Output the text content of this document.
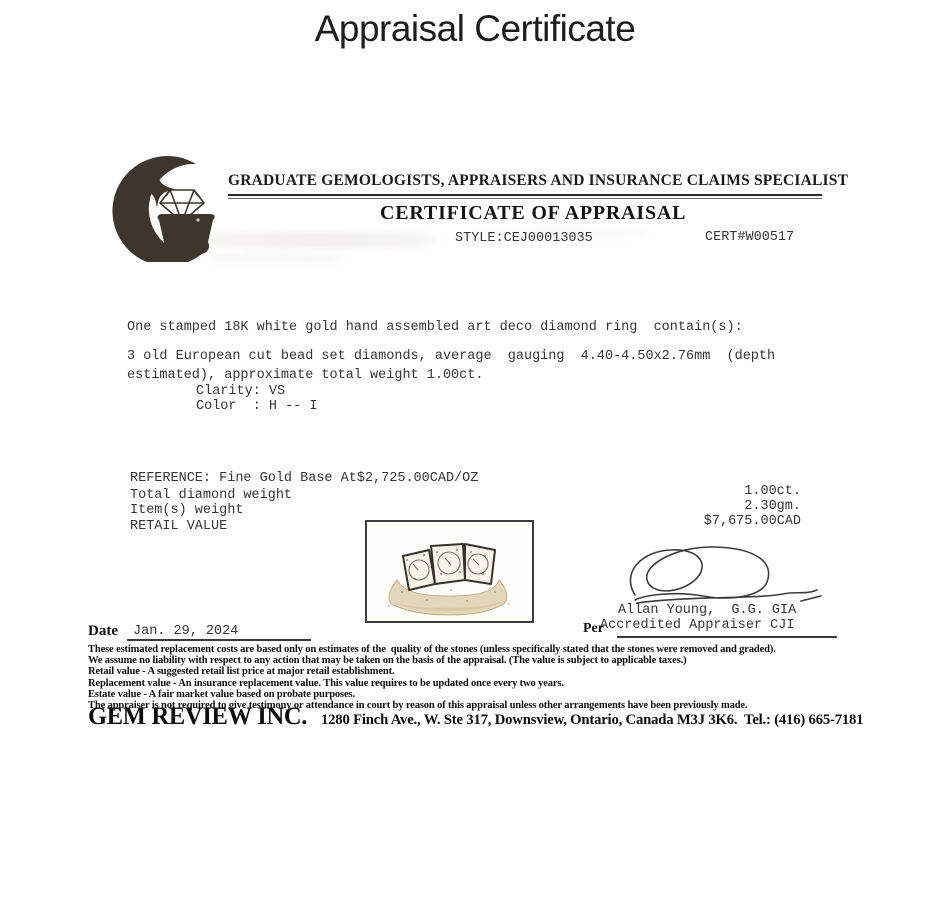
Appraisal Certificate
GRADUATE GEMOLOGISTS, APPRAISERS AND INSURANCE CLAIMS SPECIALIST
CERTIFICATE OF APPRAISAL
STYLE:CEJ00013035	CERT#W00517
One stamped 18K white gold hand assembled art deco diamond ring  contain(s):
3 old European cut bead set diamonds, average  gauging  4.40-4.50x2.76mm  (depth
estimated), approximate total weight 1.00ct.
Clarity: VS
Color  : H -- I
REFERENCE: Fine Gold Base At$2,725.00CAD/OZ
Total diamond weight
Item(s) weight
RETAIL VALUE
1.00ct.
2.30gm.
$7,675.00CAD
Allan Young,  G.G. GIA
Accredited Appraiser CJI
Per
Date Jan. 29, 2024
These estimated replacement costs are based only on estimates of the  quality of the stones (unless specifically stated that the stones were removed and graded).
We assume no liability with respect to any action that may be taken on the basis of the appraisal. (The value is subject to applicable taxes.)
Retail value - A suggested retail list price at major retail establishment.
Replacement value - An insurance replacement value. This value requires to be updated once every two years.
Estate value - A fair market value based on probate purposes.
The appraiser is not required to give testimony or attendance in court by reason of this appraisal unless other arrangements have been previously made.
GEM REVIEW INC. 1280 Finch Ave., W. Ste 317, Downsview, Ontario, Canada M3J 3K6.  Tel.: (416) 665-7181
